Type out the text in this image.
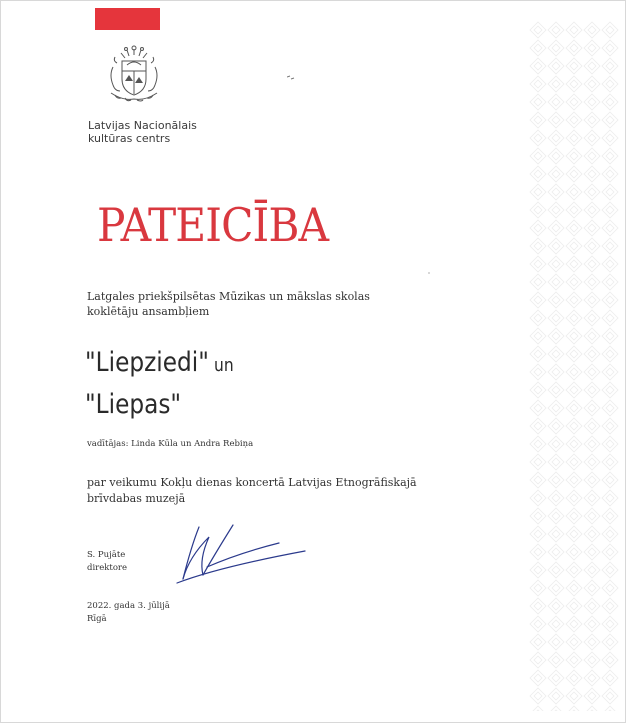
Latvijas Nacionālais
kultūras centrs
PATEICĪBA
Latgales priekšpilsētas Mūzikas un mākslas skolas
koklētāju ansambļiem
"Liepziedi" un
"Liepas"
vadītājas: Linda Kūla un Andra Rebiņa
par veikumu Kokļu dienas koncertā Latvijas Etnogrāfiskajā
brīvdabas muzejā
S. Pujāte
direktore
2022. gada 3. jūlijā
Rīgā
